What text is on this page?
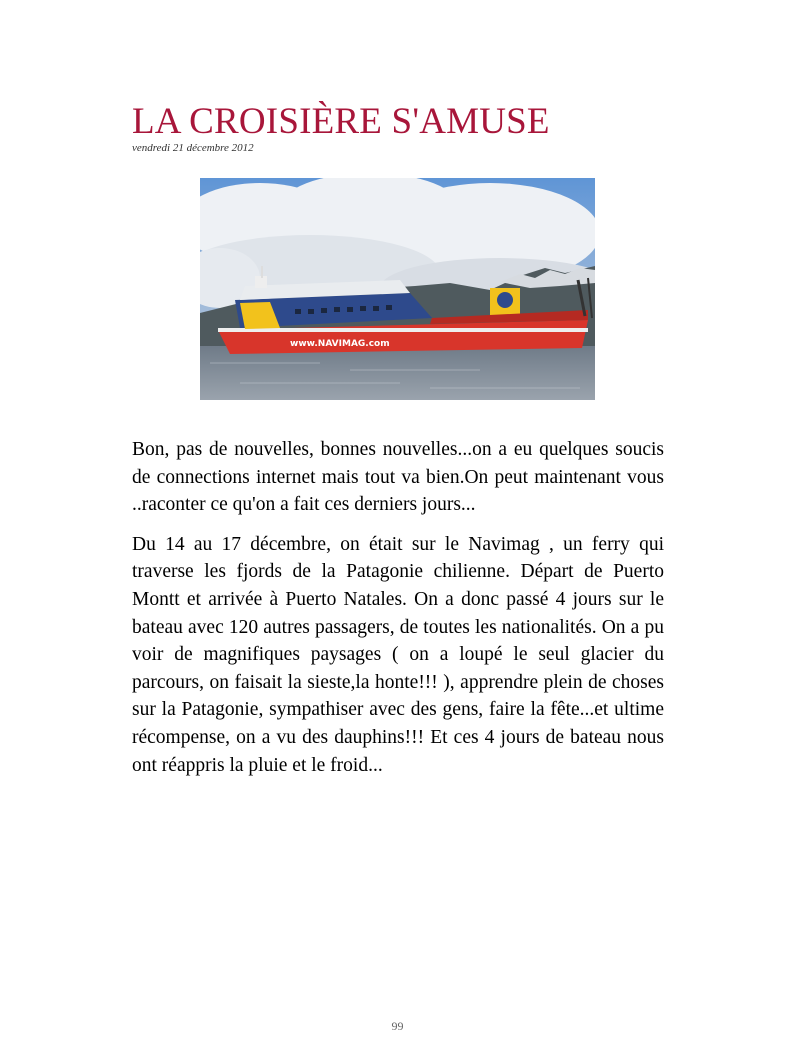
LA CROISIÈRE S'AMUSE
vendredi 21 décembre 2012
www.NAVIMAG.com

Bon, pas de nouvelles, bonnes nouvelles...on a eu quelques soucis de connections internet mais tout va bien.On peut maintenant vous ..raconter ce qu'on a fait ces derniers jours...

Du 14 au 17 décembre, on était sur le Navimag , un ferry qui traverse les fjords de la Patagonie chilienne. Départ de Puerto Montt et arrivée à Puerto Natales. On a donc passé 4 jours sur le bateau avec 120 autres passagers, de toutes les nationalités. On a pu voir de magnifiques paysages ( on a loupé le seul glacier du parcours, on faisait la sieste,la honte!!! ), apprendre plein de choses sur la Patagonie, sympathiser avec des gens, faire la fête...et ultime récompense, on a vu des dauphins!!! Et ces 4 jours de bateau nous ont réappris la pluie et le froid...

99
